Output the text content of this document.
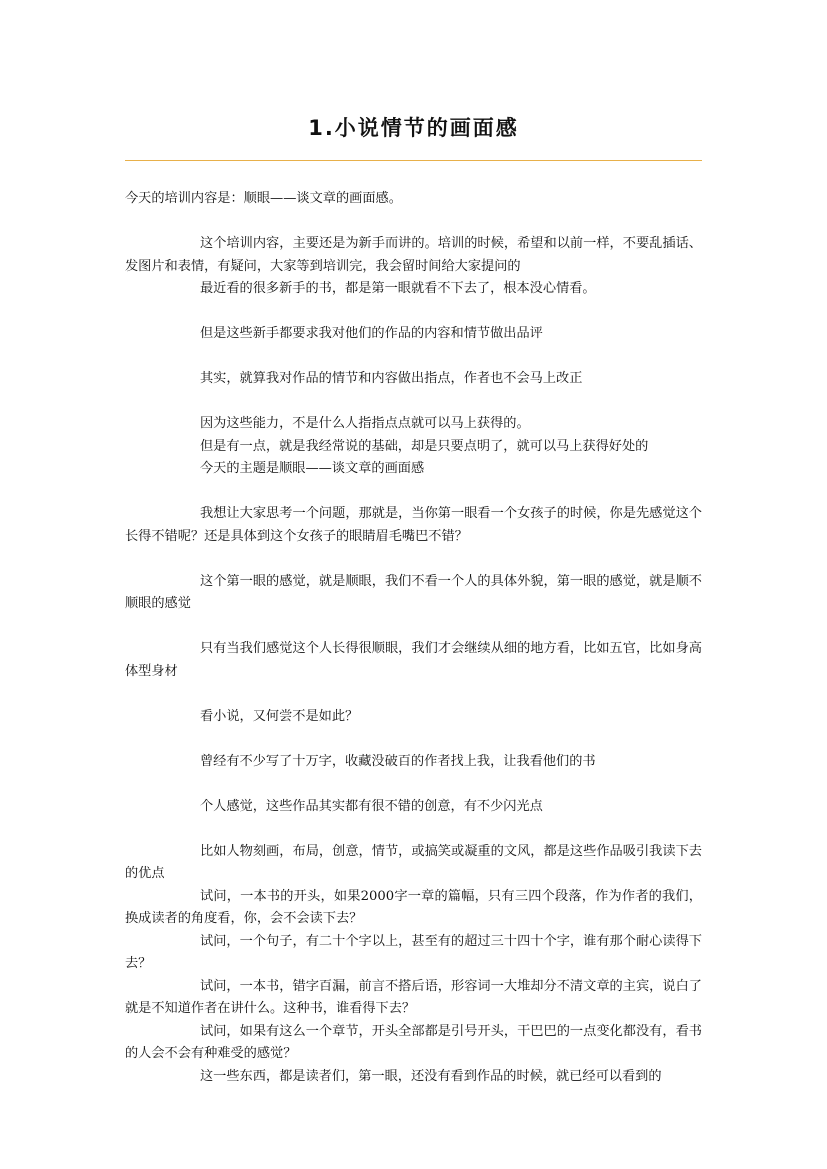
1.小说情节的画面感

今天的培训内容是：顺眼——谈文章的画面感。

这个培训内容，主要还是为新手而讲的。培训的时候，希望和以前一样，不要乱插话、发图片和表情，有疑问，大家等到培训完，我会留时间给大家提问的

最近看的很多新手的书，都是第一眼就看不下去了，根本没心情看。

但是这些新手都要求我对他们的作品的内容和情节做出品评

其实，就算我对作品的情节和内容做出指点，作者也不会马上改正

因为这些能力，不是什么人指指点点就可以马上获得的。

但是有一点，就是我经常说的基础，却是只要点明了，就可以马上获得好处的

今天的主题是顺眼——谈文章的画面感

我想让大家思考一个问题，那就是，当你第一眼看一个女孩子的时候，你是先感觉这个长得不错呢？还是具体到这个女孩子的眼睛眉毛嘴巴不错？

这个第一眼的感觉，就是顺眼，我们不看一个人的具体外貌，第一眼的感觉，就是顺不顺眼的感觉

只有当我们感觉这个人长得很顺眼，我们才会继续从细的地方看，比如五官，比如身高体型身材

看小说，又何尝不是如此？

曾经有不少写了十万字，收藏没破百的作者找上我，让我看他们的书

个人感觉，这些作品其实都有很不错的创意，有不少闪光点

比如人物刻画，布局，创意，情节，或搞笑或凝重的文风，都是这些作品吸引我读下去的优点

试问，一本书的开头，如果2000字一章的篇幅，只有三四个段落，作为作者的我们，换成读者的角度看，你，会不会读下去？

试问，一个句子，有二十个字以上，甚至有的超过三十四十个字，谁有那个耐心读得下去？

试问，一本书，错字百漏，前言不搭后语，形容词一大堆却分不清文章的主宾，说白了就是不知道作者在讲什么。这种书，谁看得下去？

试问，如果有这么一个章节，开头全部都是引号开头，干巴巴的一点变化都没有，看书的人会不会有种难受的感觉？

这一些东西，都是读者们，第一眼，还没有看到作品的时候，就已经可以看到的
